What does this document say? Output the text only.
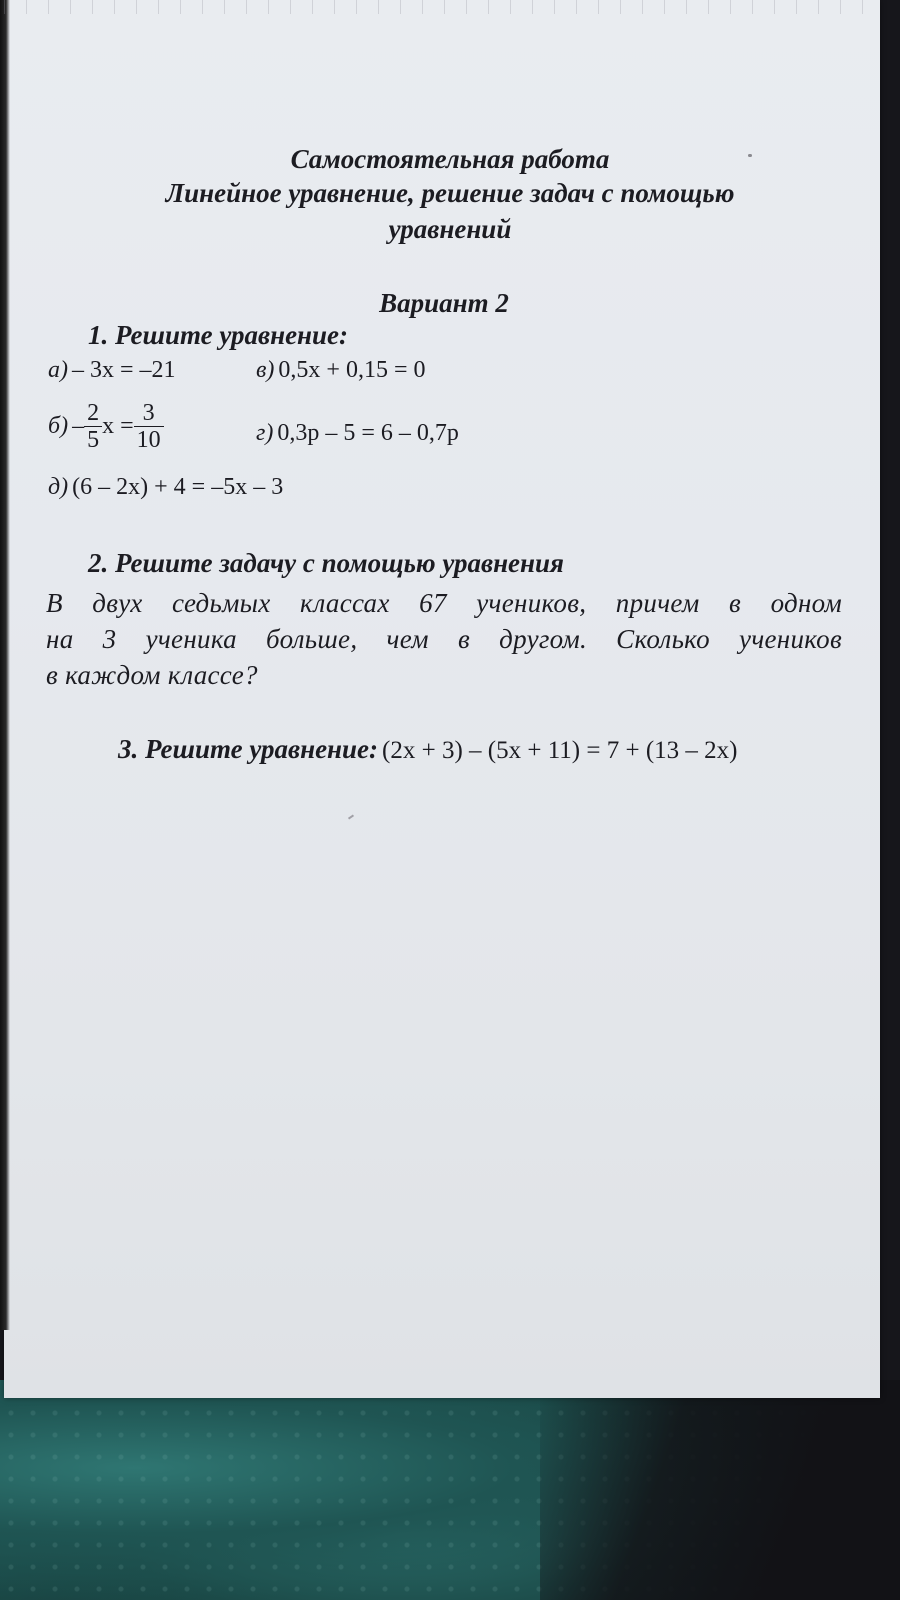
Самостоятельная работа
Линейное уравнение, решение задач с помощью
уравнений
Вариант 2
1. Решите уравнение:
а) – 3x = –21	в) 0,5x + 0,15 = 0
$б) - \frac{2}{5}$ $x = \frac{3}{10}$	г) 0,3p – 5 = 6 – 0,7p
д) (6 – 2x) + 4 = –5x – 3
2. Решите задачу с помощью уравнения
В двух седьмых классах 67 учеников, причем в одном
на 3 ученика больше, чем в другом. Сколько учеников
в каждом классе?
3. Решите уравнение: (2x + 3) – (5x + 11) = 7 + (13 – 2x)
